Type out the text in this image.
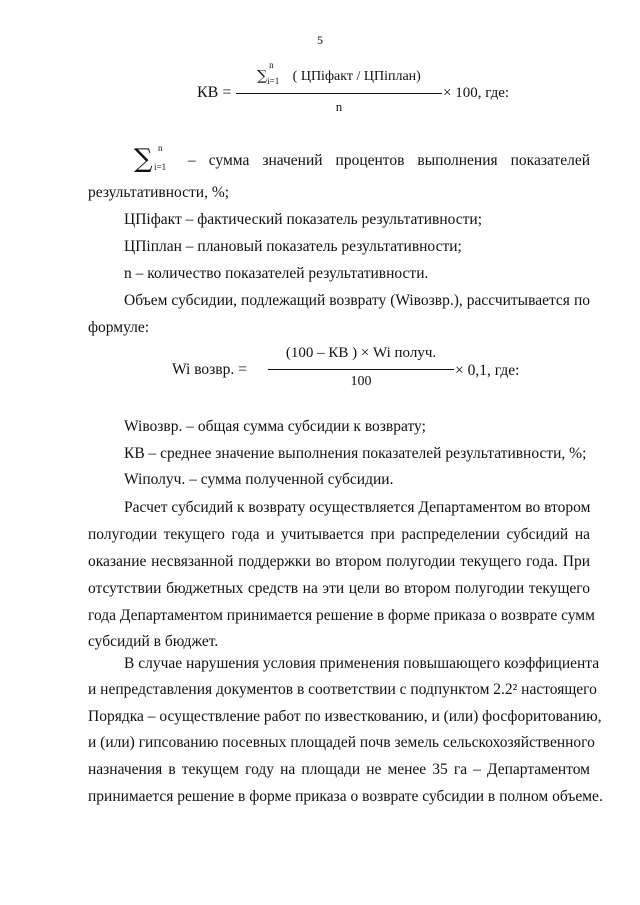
5
КВ =
∑
n
i=1 ( ЦПiфакт / ЦПiплан)
n
× 100, где:
∑ n
i=1 – сумма значений процентов выполнения показателей
результативности, %;
ЦПiфакт – фактический показатель результативности;
ЦПiплан – плановый показатель результативности;
n – количество показателей результативности.
Объем субсидии, подлежащий возврату (Wiвозвр.), рассчитывается по
формуле:
Wi возвр. =
(100 – КВ ) × Wi получ.
100
× 0,1, где:
Wiвозвр. – общая сумма субсидии к возврату;
КВ – среднее значение выполнения показателей результативности, %;
Wiполуч. – сумма полученной субсидии.
Расчет субсидий к возврату осуществляется Департаментом во втором
полугодии текущего года и учитывается при распределении субсидий на
оказание несвязанной поддержки во втором полугодии текущего года. При
отсутствии бюджетных средств на эти цели во втором полугодии текущего
года Департаментом принимается решение в форме приказа о возврате сумм
субсидий в бюджет.
В случае нарушения условия применения повышающего коэффициента
и непредставления документов в соответствии с подпунктом 2.2² настоящего
Порядка – осуществление работ по известкованию, и (или) фосфоритованию,
и (или) гипсованию посевных площадей почв земель сельскохозяйственного
назначения в текущем году на площади не менее 35 га – Департаментом
принимается решение в форме приказа о возврате субсидии в полном объеме.
